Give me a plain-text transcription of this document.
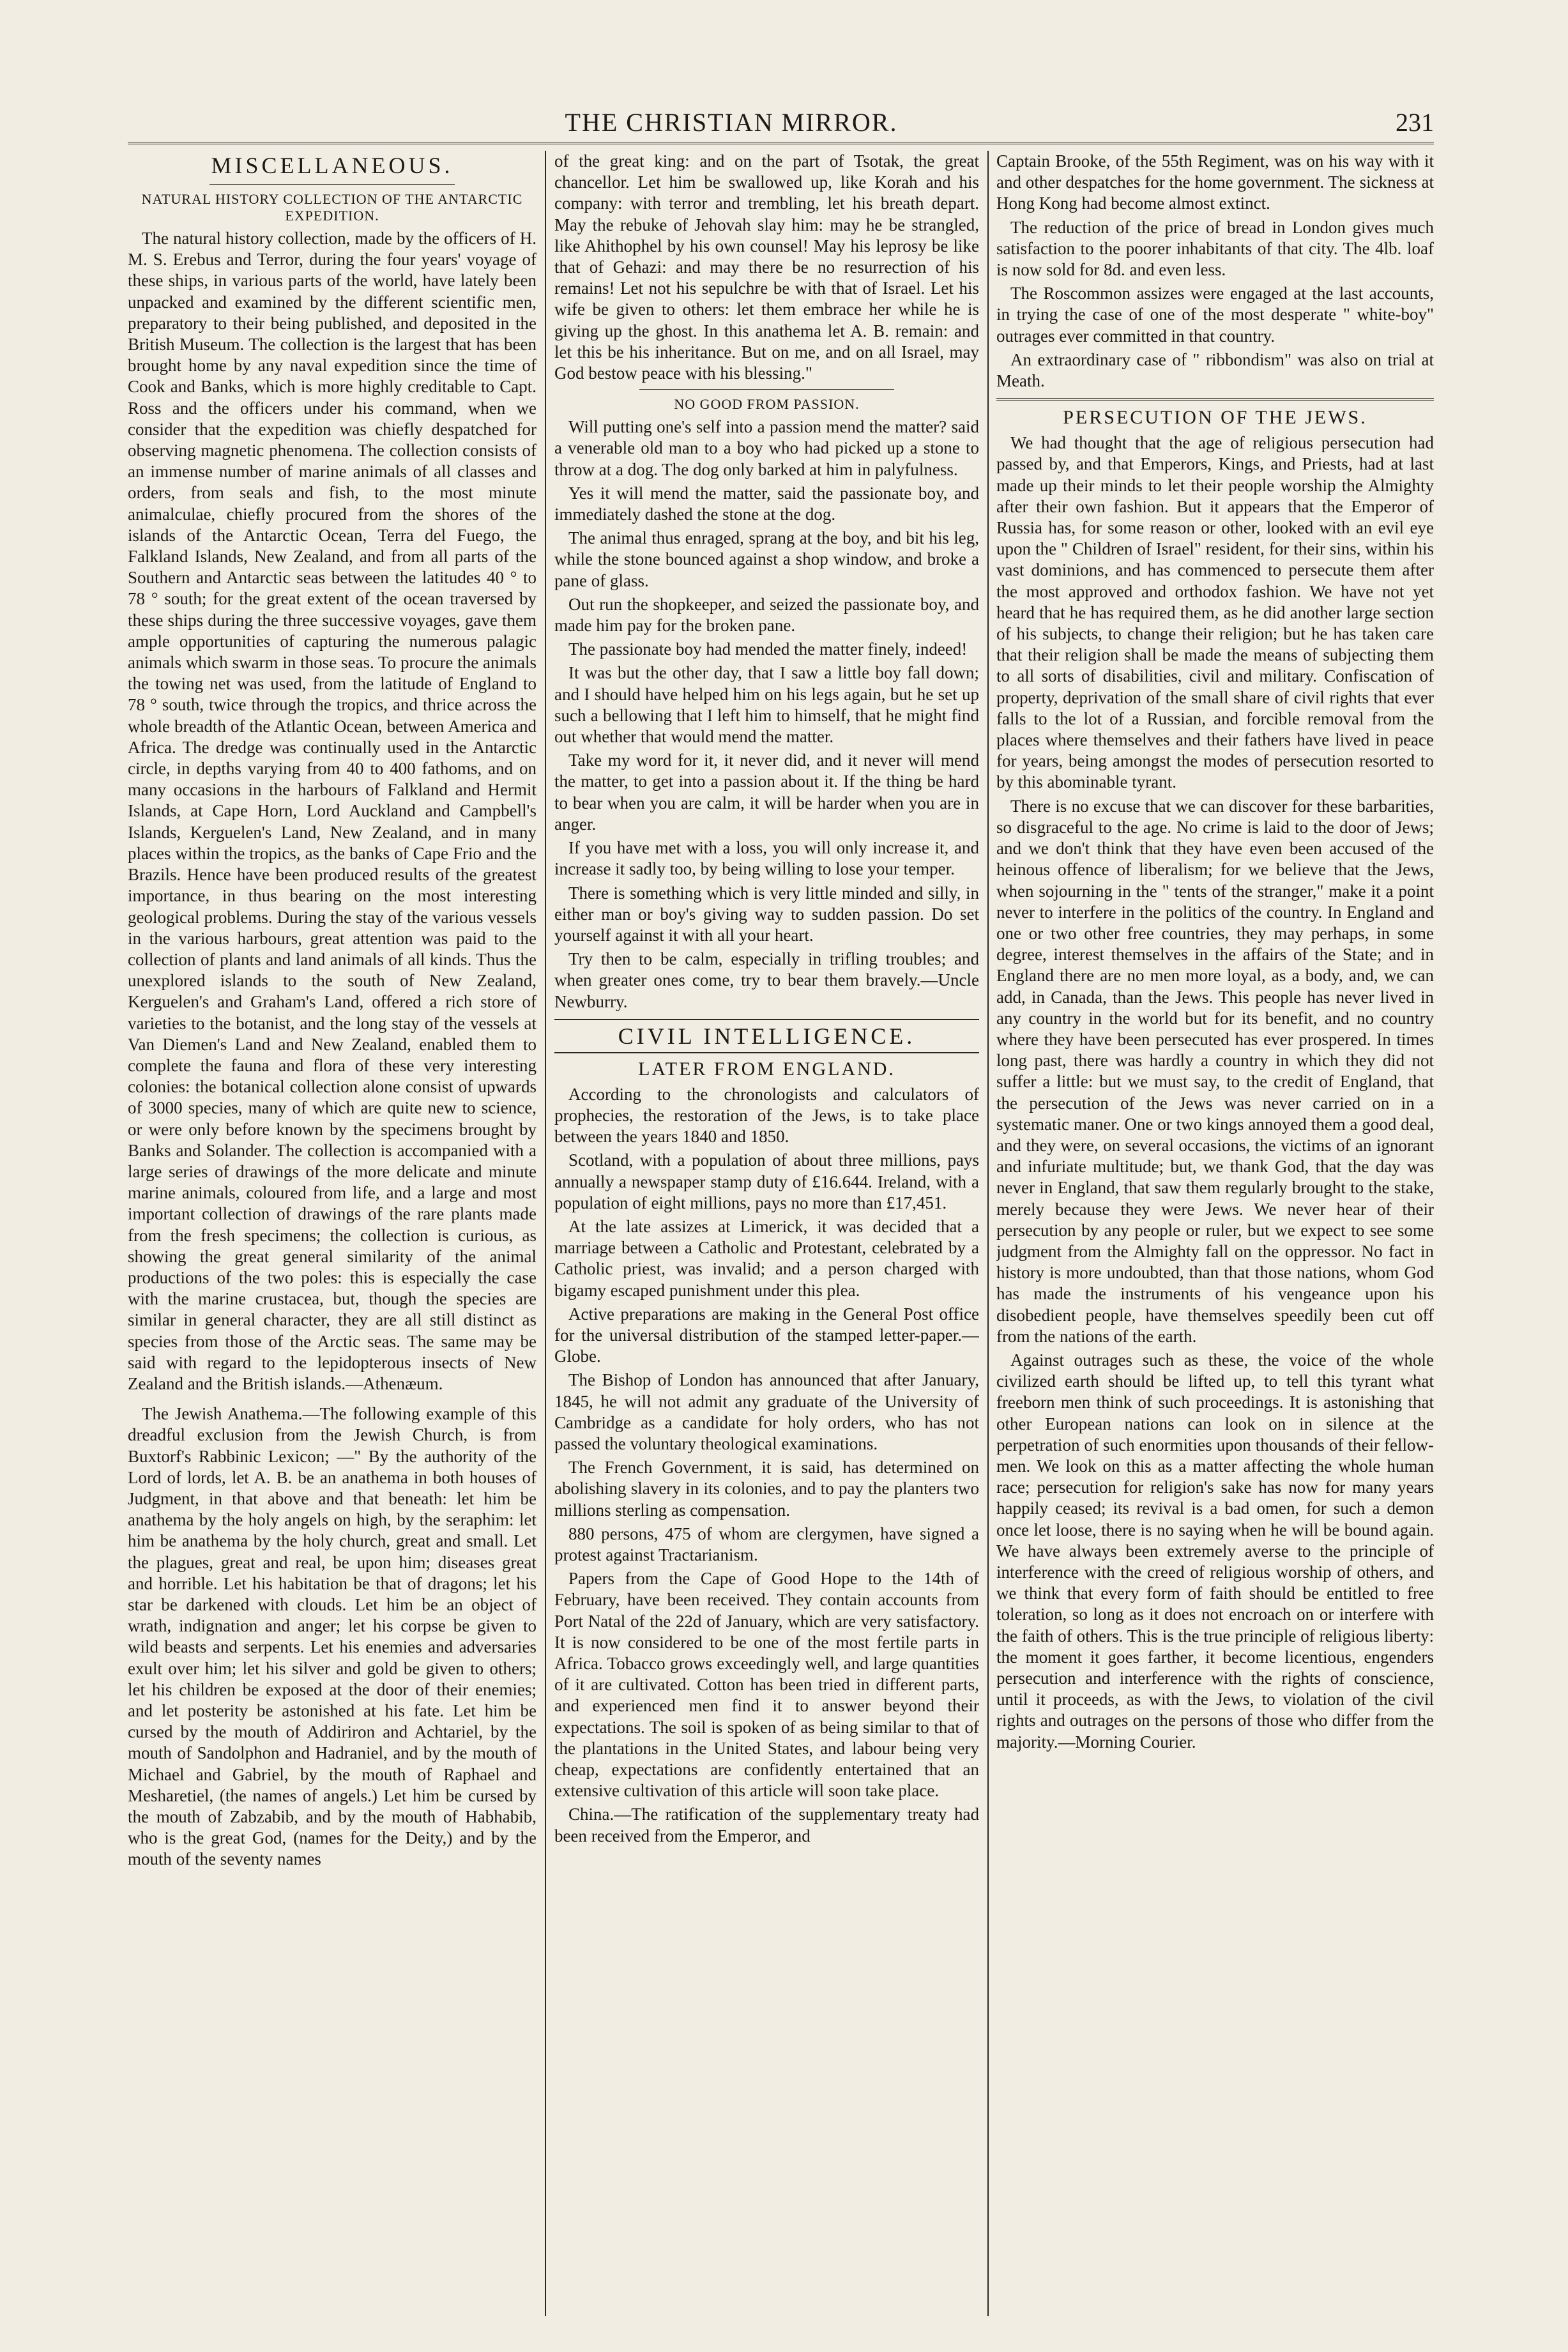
THE CHRISTIAN MIRROR.	231
MISCELLANEOUS.
NATURAL HISTORY COLLECTION OF THE ANTARCTIC EXPEDITION.

The natural history collection, made by the officers of H. M. S. Erebus and Terror, during the four years' voyage of these ships, in various parts of the world, have lately been unpacked and examined by the different scientific men, preparatory to their being published, and deposited in the British Museum. The collection is the largest that has been brought home by any naval expedition since the time of Cook and Banks, which is more highly creditable to Capt. Ross and the officers under his command, when we consider that the expedition was chiefly despatched for observing magnetic phenomena. The collection consists of an immense number of marine animals of all classes and orders, from seals and fish, to the most minute animalculae, chiefly procured from the shores of the islands of the Antarctic Ocean, Terra del Fuego, the Falkland Islands, New Zealand, and from all parts of the Southern and Antarctic seas between the latitudes 40 ° to 78 ° south; for the great extent of the ocean traversed by these ships during the three successive voyages, gave them ample opportunities of capturing the numerous palagic animals which swarm in those seas. To procure the animals the towing net was used, from the latitude of England to 78 ° south, twice through the tropics, and thrice across the whole breadth of the Atlantic Ocean, between America and Africa. The dredge was continually used in the Antarctic circle, in depths varying from 40 to 400 fathoms, and on many occasions in the harbours of Falkland and Hermit Islands, at Cape Horn, Lord Auckland and Campbell's Islands, Kerguelen's Land, New Zealand, and in many places within the tropics, as the banks of Cape Frio and the Brazils. Hence have been produced results of the greatest importance, in thus bearing on the most interesting geological problems. During the stay of the various vessels in the various harbours, great attention was paid to the collection of plants and land animals of all kinds. Thus the unexplored islands to the south of New Zealand, Kerguelen's and Graham's Land, offered a rich store of varieties to the botanist, and the long stay of the vessels at Van Diemen's Land and New Zealand, enabled them to complete the fauna and flora of these very interesting colonies: the botanical collection alone consist of upwards of 3000 species, many of which are quite new to science, or were only before known by the specimens brought by Banks and Solander. The collection is accompanied with a large series of drawings of the more delicate and minute marine animals, coloured from life, and a large and most important collection of drawings of the rare plants made from the fresh specimens; the collection is curious, as showing the great general similarity of the animal productions of the two poles: this is especially the case with the marine crustacea, but, though the species are similar in general character, they are all still distinct as species from those of the Arctic seas. The same may be said with regard to the lepidopterous insects of New Zealand and the British islands.—Athenæum.

The Jewish Anathema.—The following example of this dreadful exclusion from the Jewish Church, is from Buxtorf's Rabbinic Lexicon; —" By the authority of the Lord of lords, let A. B. be an anathema in both houses of Judgment, in that above and that beneath: let him be anathema by the holy angels on high, by the seraphim: let him be anathema by the holy church, great and small. Let the plagues, great and real, be upon him; diseases great and horrible. Let his habitation be that of dragons; let his star be darkened with clouds. Let him be an object of wrath, indignation and anger; let his corpse be given to wild beasts and serpents. Let his enemies and adversaries exult over him; let his silver and gold be given to others; let his children be exposed at the door of their enemies; and let posterity be astonished at his fate. Let him be cursed by the mouth of Addiriron and Achtariel, by the mouth of Sandolphon and Hadraniel, and by the mouth of Michael and Gabriel, by the mouth of Raphael and Mesharetiel, (the names of angels.) Let him be cursed by the mouth of Zabzabib, and by the mouth of Habhabib, who is the great God, (names for the Deity,) and by the mouth of the seventy names

of the great king: and on the part of Tsotak, the great chancellor. Let him be swallowed up, like Korah and his company: with terror and trembling, let his breath depart. May the rebuke of Jehovah slay him: may he be strangled, like Ahithophel by his own counsel! May his leprosy be like that of Gehazi: and may there be no resurrection of his remains! Let not his sepulchre be with that of Israel. Let his wife be given to others: let them embrace her while he is giving up the ghost. In this anathema let A. B. remain: and let this be his inheritance. But on me, and on all Israel, may God bestow peace with his blessing."

NO GOOD FROM PASSION.

Will putting one's self into a passion mend the matter? said a venerable old man to a boy who had picked up a stone to throw at a dog. The dog only barked at him in palyfulness.

Yes it will mend the matter, said the passionate boy, and immediately dashed the stone at the dog.

The animal thus enraged, sprang at the boy, and bit his leg, while the stone bounced against a shop window, and broke a pane of glass.

Out run the shopkeeper, and seized the passionate boy, and made him pay for the broken pane.

The passionate boy had mended the matter finely, indeed!

It was but the other day, that I saw a little boy fall down; and I should have helped him on his legs again, but he set up such a bellowing that I left him to himself, that he might find out whether that would mend the matter.

Take my word for it, it never did, and it never will mend the matter, to get into a passion about it. If the thing be hard to bear when you are calm, it will be harder when you are in anger.

If you have met with a loss, you will only increase it, and increase it sadly too, by being willing to lose your temper.

There is something which is very little minded and silly, in either man or boy's giving way to sudden passion. Do set yourself against it with all your heart.

Try then to be calm, especially in trifling troubles; and when greater ones come, try to bear them bravely.—Uncle Newburry.

CIVIL INTELLIGENCE.
LATER FROM ENGLAND.

According to the chronologists and calculators of prophecies, the restoration of the Jews, is to take place between the years 1840 and 1850.

Scotland, with a population of about three millions, pays annually a newspaper stamp duty of £16.644. Ireland, with a population of eight millions, pays no more than £17,451.

At the late assizes at Limerick, it was decided that a marriage between a Catholic and Protestant, celebrated by a Catholic priest, was invalid; and a person charged with bigamy escaped punishment under this plea.

Active preparations are making in the General Post office for the universal distribution of the stamped letter-paper.—Globe.

The Bishop of London has announced that after January, 1845, he will not admit any graduate of the University of Cambridge as a candidate for holy orders, who has not passed the voluntary theological examinations.

The French Government, it is said, has determined on abolishing slavery in its colonies, and to pay the planters two millions sterling as compensation.

880 persons, 475 of whom are clergymen, have signed a protest against Tractarianism.

Papers from the Cape of Good Hope to the 14th of February, have been received. They contain accounts from Port Natal of the 22d of January, which are very satisfactory. It is now considered to be one of the most fertile parts in Africa. Tobacco grows exceedingly well, and large quantities of it are cultivated. Cotton has been tried in different parts, and experienced men find it to answer beyond their expectations. The soil is spoken of as being similar to that of the plantations in the United States, and labour being very cheap, expectations are confidently entertained that an extensive cultivation of this article will soon take place.

China.—The ratification of the supplementary treaty had been received from the Emperor, and

Captain Brooke, of the 55th Regiment, was on his way with it and other despatches for the home government. The sickness at Hong Kong had become almost extinct.

The reduction of the price of bread in London gives much satisfaction to the poorer inhabitants of that city. The 4lb. loaf is now sold for 8d. and even less.

The Roscommon assizes were engaged at the last accounts, in trying the case of one of the most desperate " white-boy" outrages ever committed in that country.

An extraordinary case of " ribbondism" was also on trial at Meath.

PERSECUTION OF THE JEWS.

We had thought that the age of religious persecution had passed by, and that Emperors, Kings, and Priests, had at last made up their minds to let their people worship the Almighty after their own fashion. But it appears that the Emperor of Russia has, for some reason or other, looked with an evil eye upon the " Children of Israel" resident, for their sins, within his vast dominions, and has commenced to persecute them after the most approved and orthodox fashion. We have not yet heard that he has required them, as he did another large section of his subjects, to change their religion; but he has taken care that their religion shall be made the means of subjecting them to all sorts of disabilities, civil and military. Confiscation of property, deprivation of the small share of civil rights that ever falls to the lot of a Russian, and forcible removal from the places where themselves and their fathers have lived in peace for years, being amongst the modes of persecution resorted to by this abominable tyrant.

There is no excuse that we can discover for these barbarities, so disgraceful to the age. No crime is laid to the door of Jews; and we don't think that they have even been accused of the heinous offence of liberalism; for we believe that the Jews, when sojourning in the " tents of the stranger," make it a point never to interfere in the politics of the country. In England and one or two other free countries, they may perhaps, in some degree, interest themselves in the affairs of the State; and in England there are no men more loyal, as a body, and, we can add, in Canada, than the Jews. This people has never lived in any country in the world but for its benefit, and no country where they have been persecuted has ever prospered. In times long past, there was hardly a country in which they did not suffer a little: but we must say, to the credit of England, that the persecution of the Jews was never carried on in a systematic maner. One or two kings annoyed them a good deal, and they were, on several occasions, the victims of an ignorant and infuriate multitude; but, we thank God, that the day was never in England, that saw them regularly brought to the stake, merely because they were Jews. We never hear of their persecution by any people or ruler, but we expect to see some judgment from the Almighty fall on the oppressor. No fact in history is more undoubted, than that those nations, whom God has made the instruments of his vengeance upon his disobedient people, have themselves speedily been cut off from the nations of the earth.

Against outrages such as these, the voice of the whole civilized earth should be lifted up, to tell this tyrant what freeborn men think of such proceedings. It is astonishing that other European nations can look on in silence at the perpetration of such enormities upon thousands of their fellow-men. We look on this as a matter affecting the whole human race; persecution for religion's sake has now for many years happily ceased; its revival is a bad omen, for such a demon once let loose, there is no saying when he will be bound again. We have always been extremely averse to the principle of interference with the creed of religious worship of others, and we think that every form of faith should be entitled to free toleration, so long as it does not encroach on or interfere with the faith of others. This is the true principle of religious liberty: the moment it goes farther, it become licentious, engenders persecution and interference with the rights of conscience, until it proceeds, as with the Jews, to violation of the civil rights and outrages on the persons of those who differ from the majority.—Morning Courier.
